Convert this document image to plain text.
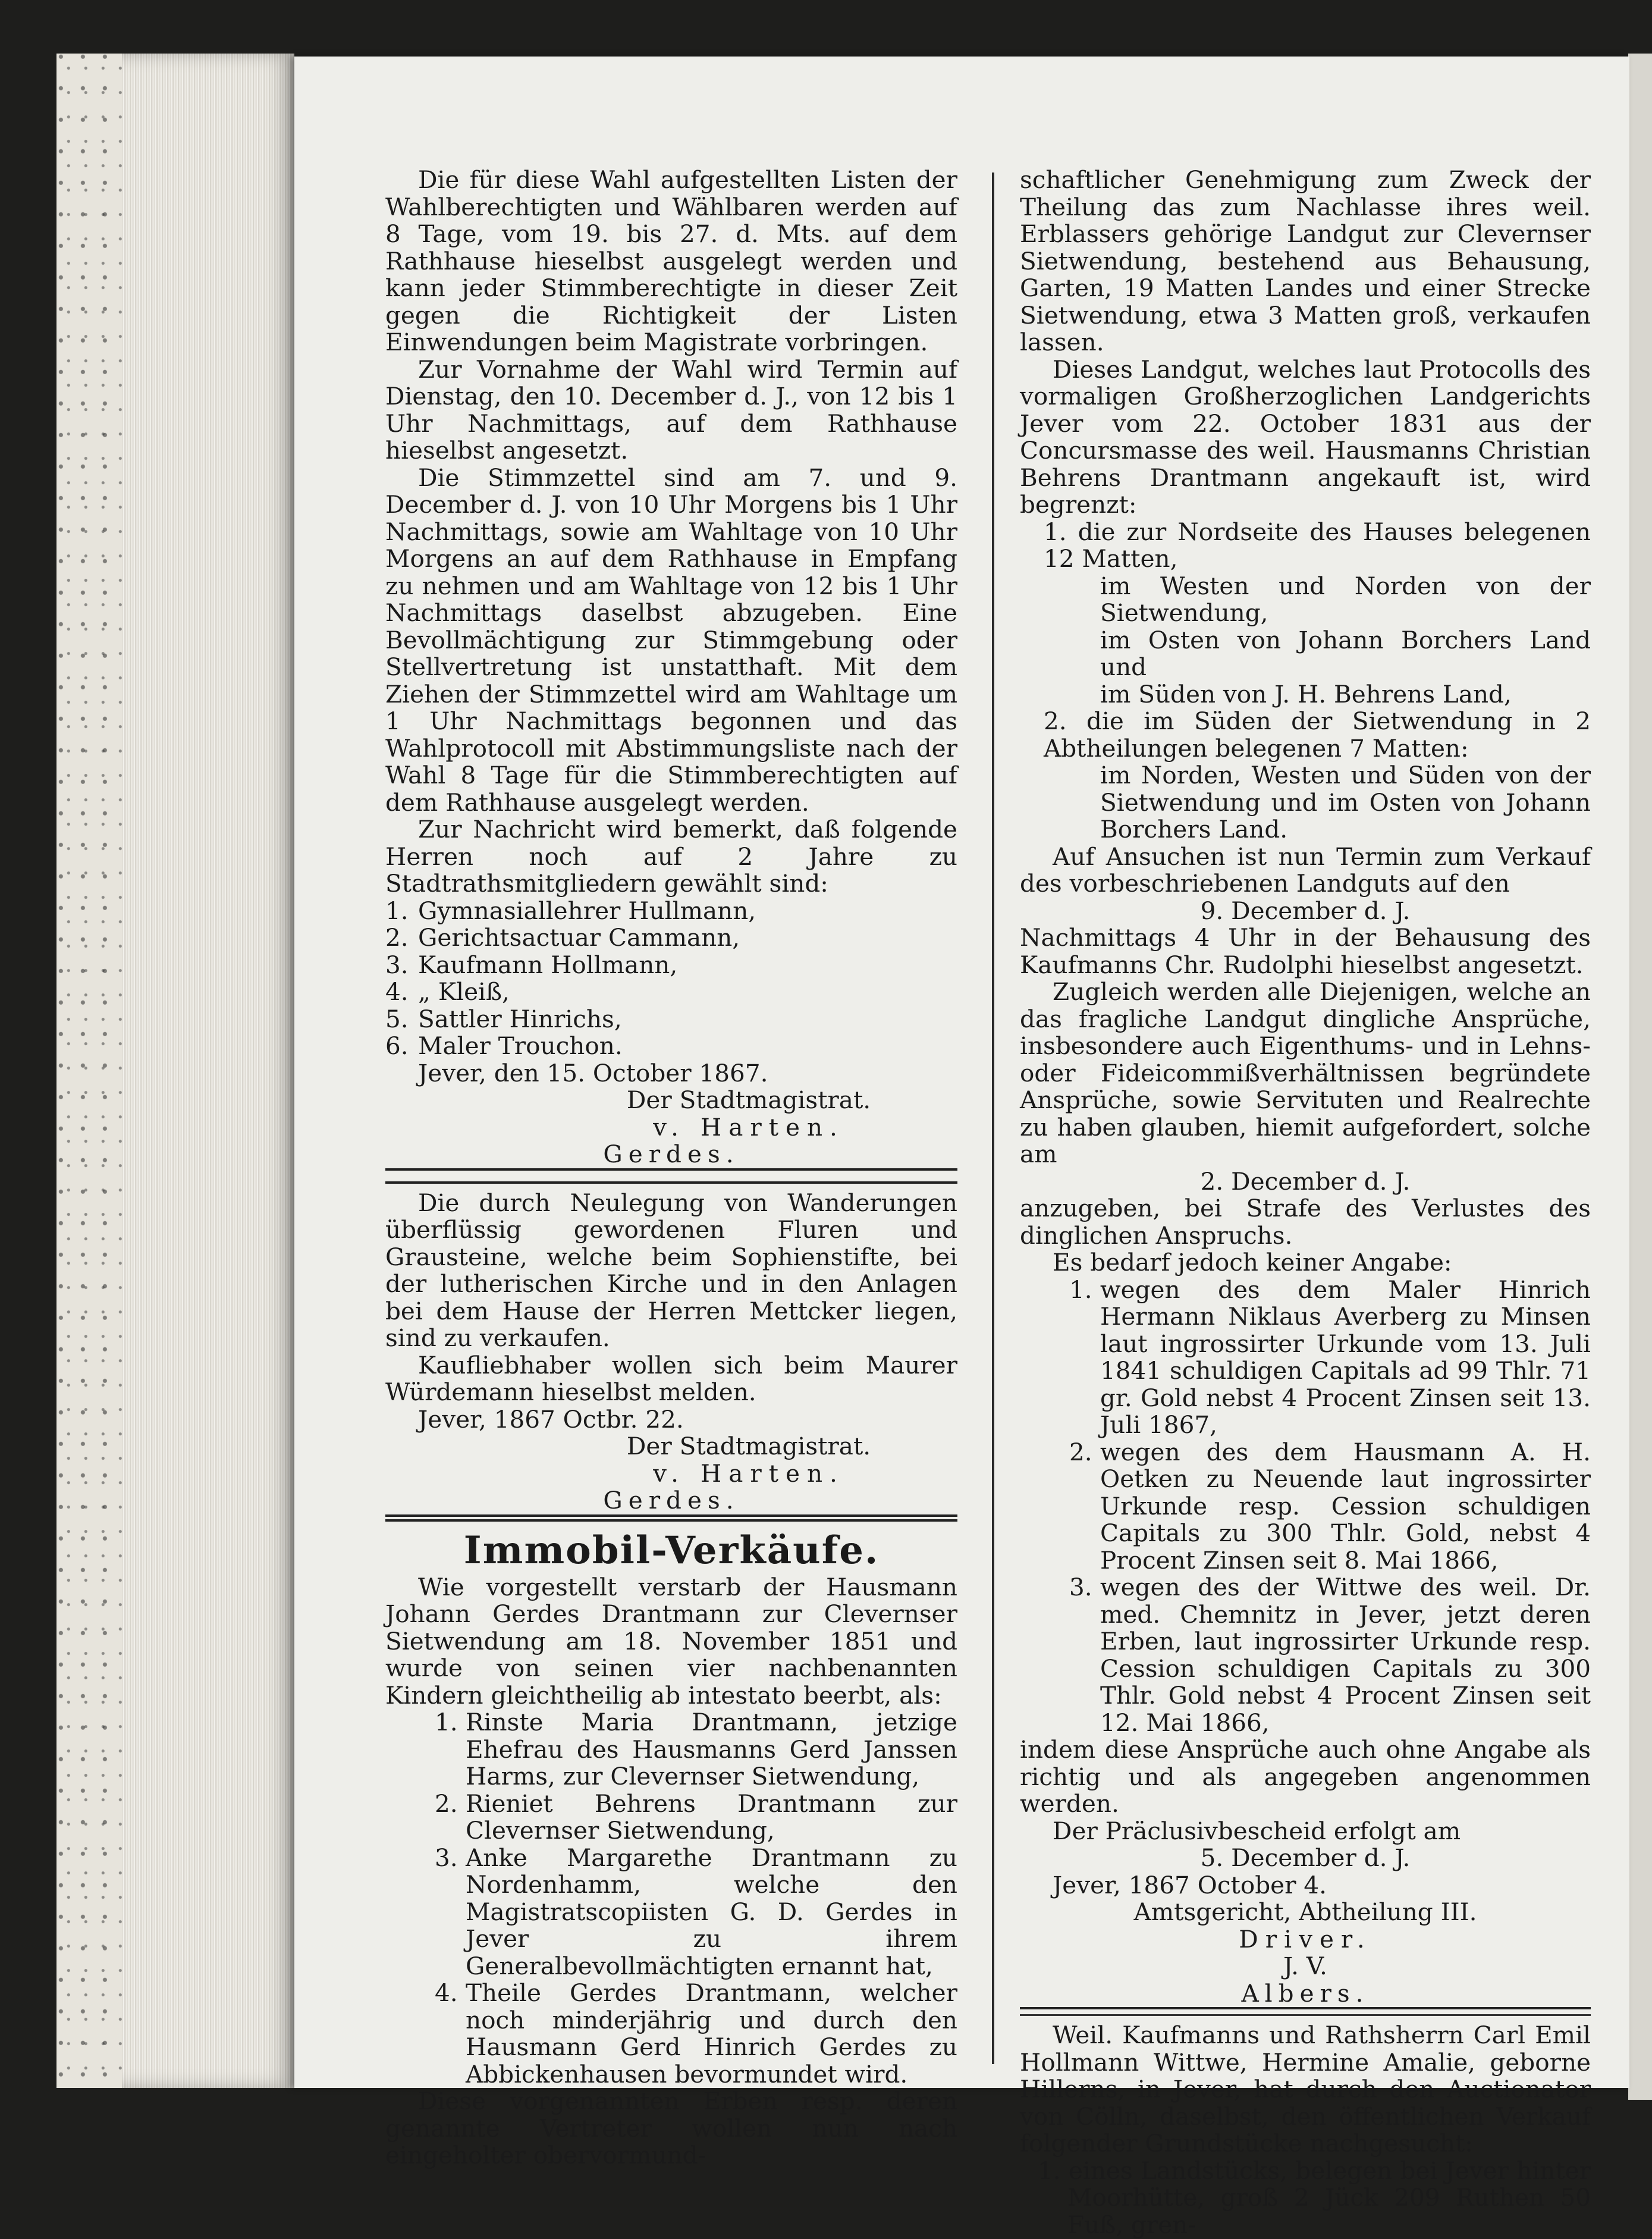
Die für diese Wahl aufgestellten Listen der Wahlberechtigten und Wählbaren werden auf 8 Tage, vom 19. bis 27. d. Mts. auf dem Rathhause hieselbst ausgelegt werden und kann jeder Stimmberechtigte in dieser Zeit gegen die Richtigkeit der Listen Einwendungen beim Magistrate vorbringen.

Zur Vornahme der Wahl wird Termin auf Dienstag, den 10. December d. J., von 12 bis 1 Uhr Nachmittags, auf dem Rathhause hieselbst angesetzt.

Die Stimmzettel sind am 7. und 9. December d. J. von 10 Uhr Morgens bis 1 Uhr Nachmittags, sowie am Wahltage von 10 Uhr Morgens an auf dem Rathhause in Empfang zu nehmen und am Wahltage von 12 bis 1 Uhr Nachmittags daselbst abzugeben. Eine Bevollmächtigung zur Stimmgebung oder Stellvertretung ist unstatthaft. Mit dem Ziehen der Stimmzettel wird am Wahltage um 1 Uhr Nachmittags begonnen und das Wahlprotocoll mit Abstimmungsliste nach der Wahl 8 Tage für die Stimmberechtigten auf dem Rathhause ausgelegt werden.

Zur Nachricht wird bemerkt, daß folgende Herren noch auf 2 Jahre zu Stadtrathsmitgliedern gewählt sind:

1. Gymnasiallehrer Hullmann,

2. Gerichtsactuar Cammann,

3. Kaufmann Hollmann,

4. „ Kleiß,

5. Sattler Hinrichs,

6. Maler Trouchon.

Jever, den 15. October 1867.

Der Stadtmagistrat.

v. Harten.

Gerdes.

Die durch Neulegung von Wanderungen überflüssig gewordenen Fluren und Grausteine, welche beim Sophienstifte, bei der lutherischen Kirche und in den Anlagen bei dem Hause der Herren Mettcker liegen, sind zu verkaufen.

Kaufliebhaber wollen sich beim Maurer Würdemann hieselbst melden.

Jever, 1867 Octbr. 22.

Der Stadtmagistrat.

v. Harten.

Gerdes.

Immobil-Verkäufe.

Wie vorgestellt verstarb der Hausmann Johann Gerdes Drantmann zur Clevernser Sietwendung am 18. November 1851 und wurde von seinen vier nachbenannten Kindern gleichtheilig ab intestato beerbt, als:

1. Rinste Maria Drantmann, jetzige Ehefrau des Hausmanns Gerd Janssen Harms, zur Clevernser Sietwendung,

2. Rieniet Behrens Drantmann zur Clevernser Sietwendung,

3. Anke Margarethe Drantmann zu Nordenhamm, welche den Magistratscopiisten G. D. Gerdes in Jever zu ihrem Generalbevollmächtigten ernannt hat,

4. Theile Gerdes Drantmann, welcher noch minderjährig und durch den Hausmann Gerd Hinrich Gerdes zu Abbickenhausen bevormundet wird.

Diese vorgenannten Erben resp. deren genannte Vertreter wollen nun nach eingeholter obervormund-

schaftlicher Genehmigung zum Zweck der Theilung das zum Nachlasse ihres weil. Erblassers gehörige Landgut zur Clevernser Sietwendung, bestehend aus Behausung, Garten, 19 Matten Landes und einer Strecke Sietwendung, etwa 3 Matten groß, verkaufen lassen.

Dieses Landgut, welches laut Protocolls des vormaligen Großherzoglichen Landgerichts Jever vom 22. October 1831 aus der Concursmasse des weil. Hausmanns Christian Behrens Drantmann angekauft ist, wird begrenzt:

1. die zur Nordseite des Hauses belegenen 12 Matten,

im Westen und Norden von der Sietwendung,

im Osten von Johann Borchers Land und

im Süden von J. H. Behrens Land,

2. die im Süden der Sietwendung in 2 Abtheilungen belegenen 7 Matten:

im Norden, Westen und Süden von der Sietwendung und im Osten von Johann Borchers Land.

Auf Ansuchen ist nun Termin zum Verkauf des vorbeschriebenen Landguts auf den

9. December d. J.

Nachmittags 4 Uhr in der Behausung des Kaufmanns Chr. Rudolphi hieselbst angesetzt.

Zugleich werden alle Diejenigen, welche an das fragliche Landgut dingliche Ansprüche, insbesondere auch Eigenthums- und in Lehns- oder Fideicommißverhältnissen begründete Ansprüche, sowie Servituten und Realrechte zu haben glauben, hiemit aufgefordert, solche am

2. December d. J.

anzugeben, bei Strafe des Verlustes des dinglichen Anspruchs.

Es bedarf jedoch keiner Angabe:

1. wegen des dem Maler Hinrich Hermann Niklaus Averberg zu Minsen laut ingrossirter Urkunde vom 13. Juli 1841 schuldigen Capitals ad 99 Thlr. 71 gr. Gold nebst 4 Procent Zinsen seit 13. Juli 1867,

2. wegen des dem Hausmann A. H. Oetken zu Neuende laut ingrossirter Urkunde resp. Cession schuldigen Capitals zu 300 Thlr. Gold, nebst 4 Procent Zinsen seit 8. Mai 1866,

3. wegen des der Wittwe des weil. Dr. med. Chemnitz in Jever, jetzt deren Erben, laut ingrossirter Urkunde resp. Cession schuldigen Capitals zu 300 Thlr. Gold nebst 4 Procent Zinsen seit 12. Mai 1866,

indem diese Ansprüche auch ohne Angabe als richtig und als angegeben angenommen werden.

Der Präclusivbescheid erfolgt am

5. December d. J.

Jever, 1867 October 4.

Amtsgericht, Abtheilung III.

Driver.

J. V.

Albers.

Weil. Kaufmanns und Rathsherrn Carl Emil Hollmann Wittwe, Hermine Amalie, geborne Hillerns, in Jever, hat durch den Auctionator von Cölln, daselbst, den öffentlichen Verkauf folgender Grundstücke nachgesucht:

1. eines Landstücks, belegen bei Jever hinter Moorhütte, groß 2 Jück 209 Ruthen 50 Fuß, gren-
